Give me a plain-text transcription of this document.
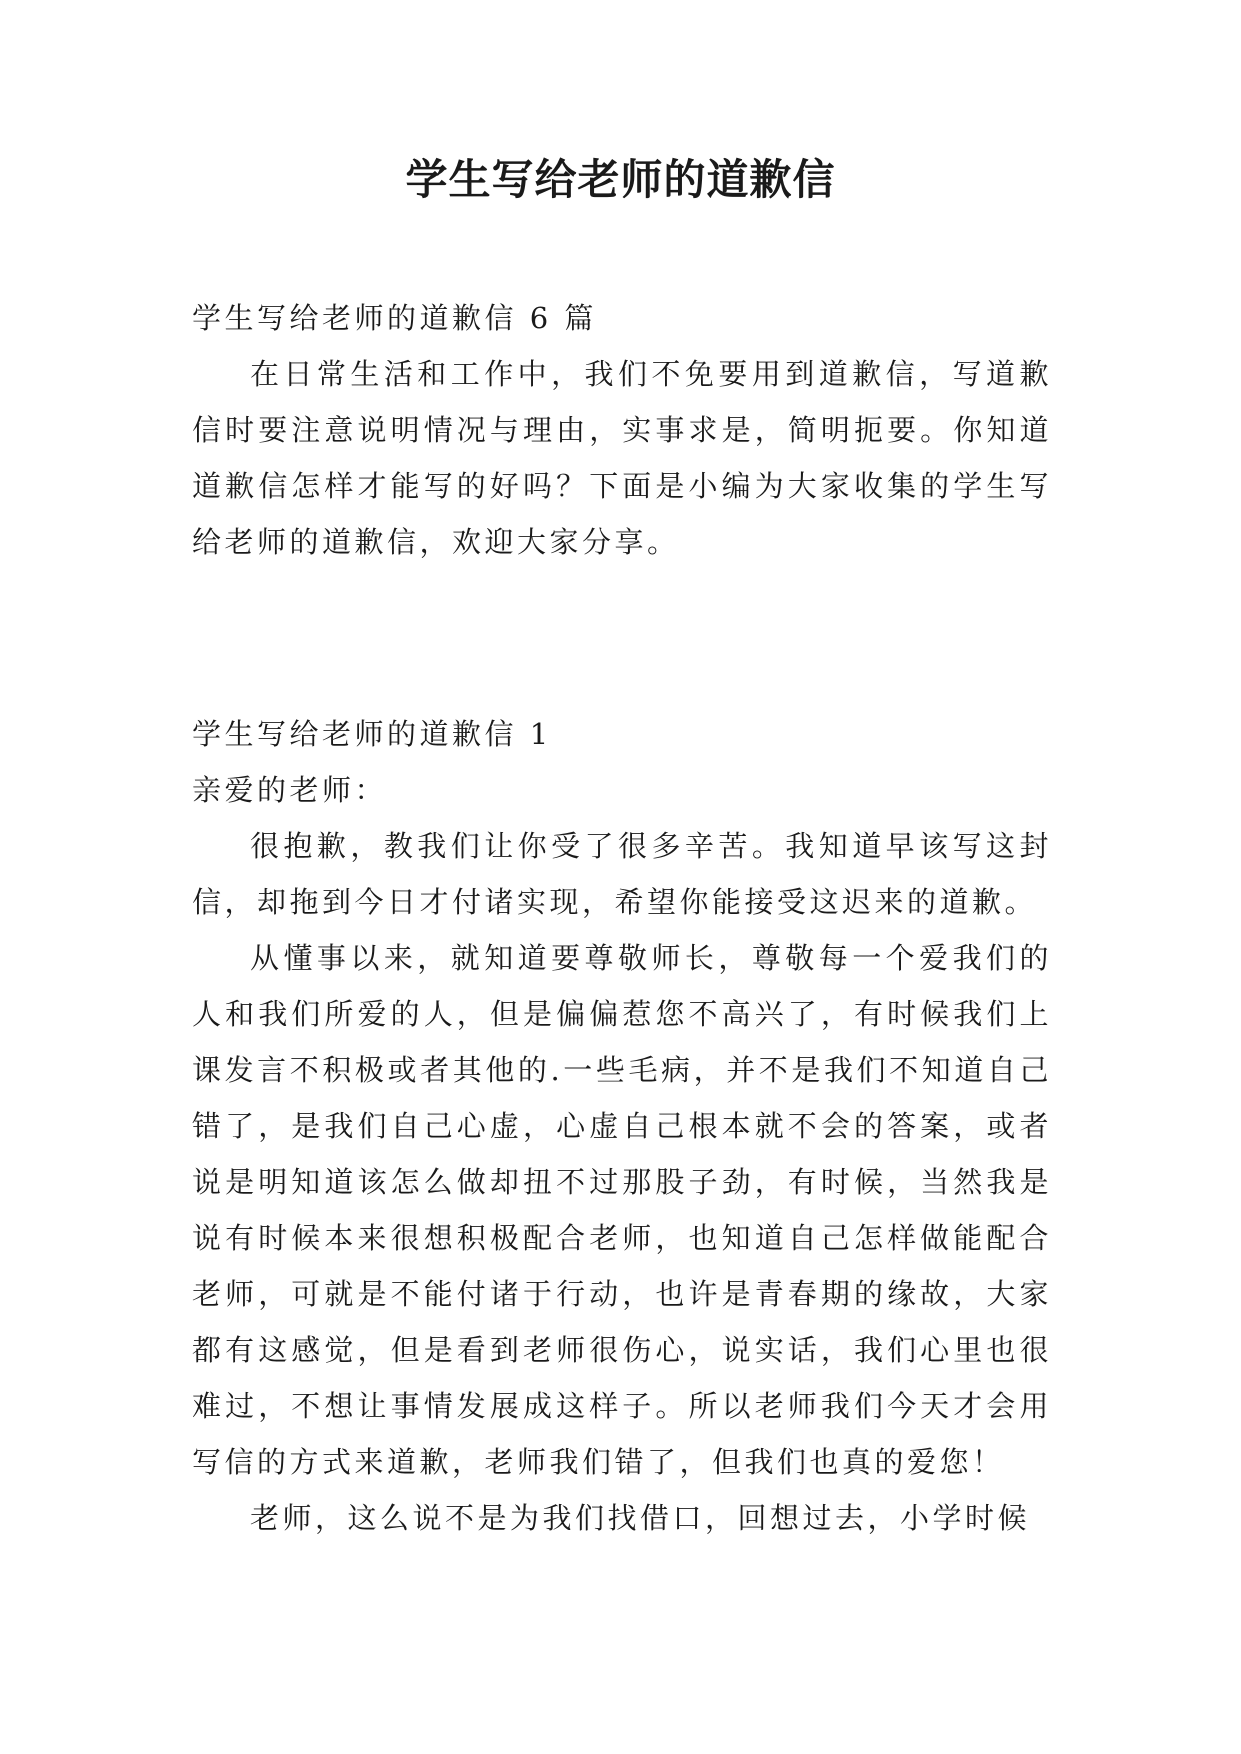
学生写给老师的道歉信

学生写给老师的道歉信 6 篇

在日常生活和工作中，我们不免要用到道歉信，写道歉信时要注意说明情况与理由，实事求是，简明扼要。你知道道歉信怎样才能写的好吗？下面是小编为大家收集的学生写给老师的道歉信，欢迎大家分享。

学生写给老师的道歉信 1

亲爱的老师：

很抱歉，教我们让你受了很多辛苦。我知道早该写这封信，却拖到今日才付诸实现，希望你能接受这迟来的道歉。

从懂事以来，就知道要尊敬师长，尊敬每一个爱我们的人和我们所爱的人，但是偏偏惹您不高兴了，有时候我们上课发言不积极或者其他的.一些毛病，并不是我们不知道自己错了，是我们自己心虚，心虚自己根本就不会的答案，或者说是明知道该怎么做却扭不过那股子劲，有时候，当然我是说有时候本来很想积极配合老师，也知道自己怎样做能配合老师，可就是不能付诸于行动，也许是青春期的缘故，大家都有这感觉，但是看到老师很伤心，说实话，我们心里也很难过，不想让事情发展成这样子。所以老师我们今天才会用写信的方式来道歉，老师我们错了，但我们也真的爱您！

老师，这么说不是为我们找借口，回想过去，小学时候
